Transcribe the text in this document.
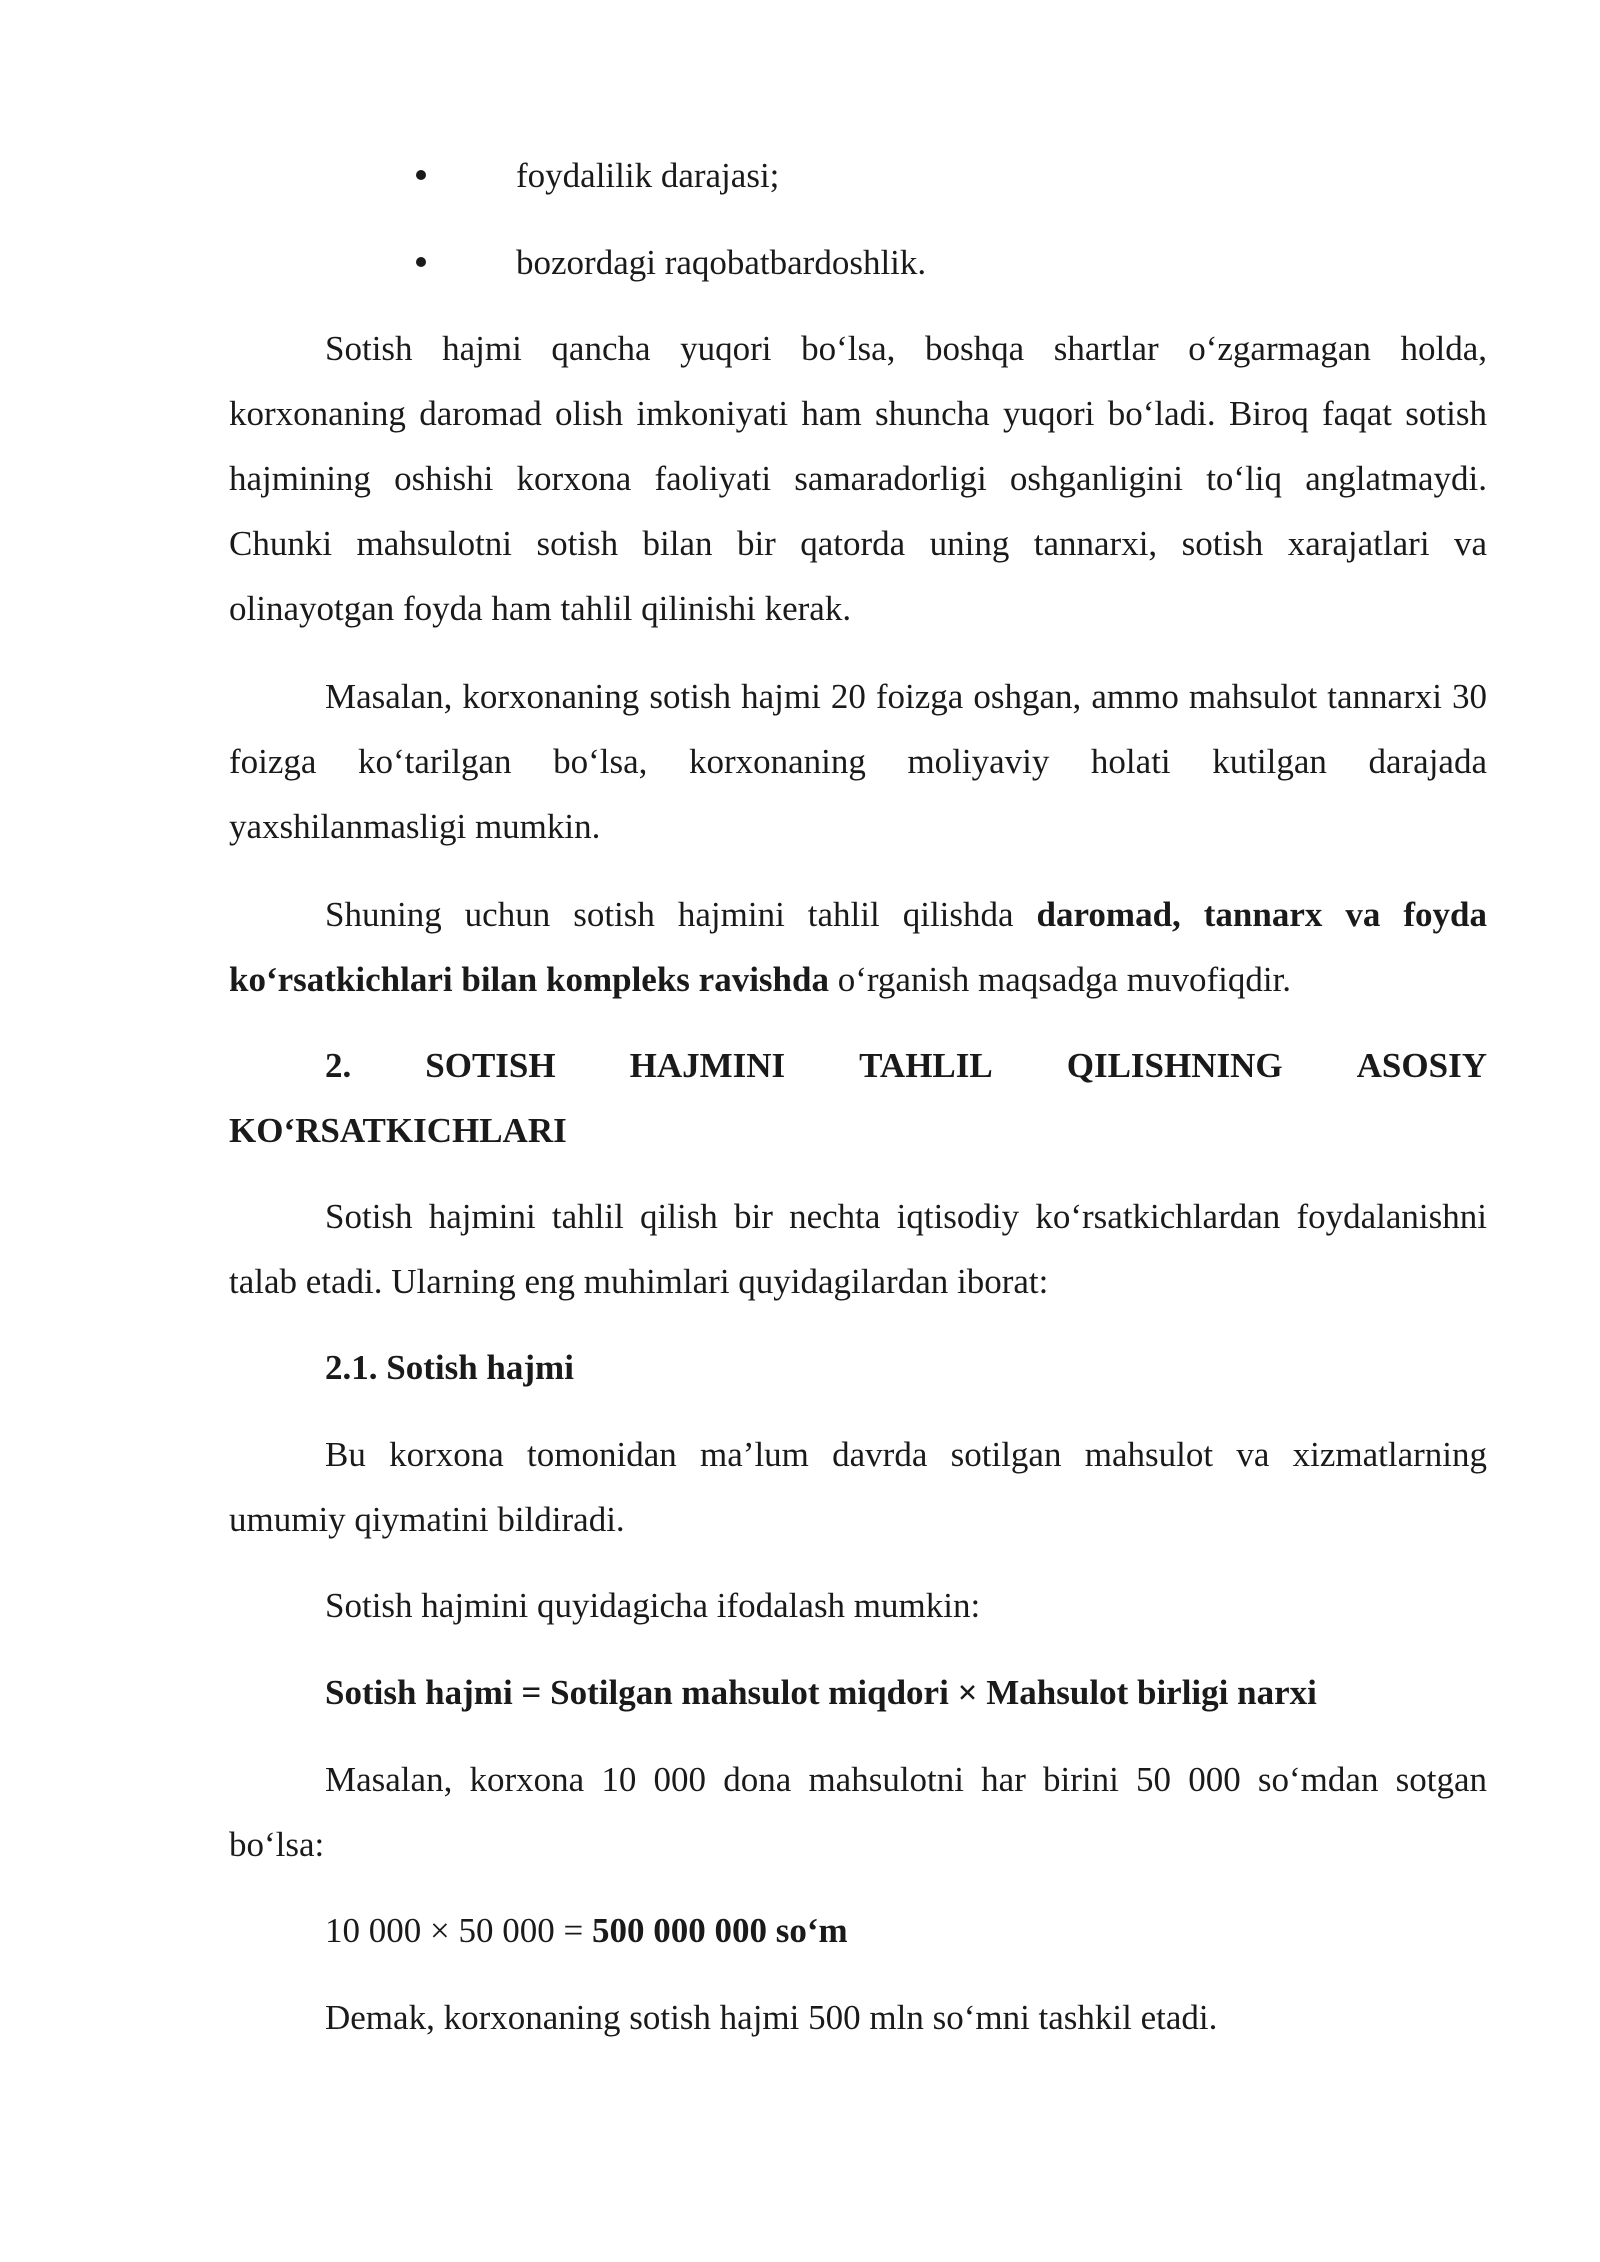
foydalilik darajasi;
bozordagi raqobatbardoshlik.

Sotish hajmi qancha yuqori bo‘lsa, boshqa shartlar o‘zgarmagan holda, korxonaning daromad olish imkoniyati ham shuncha yuqori bo‘ladi. Biroq faqat sotish hajmining oshishi korxona faoliyati samaradorligi oshganligini to‘liq anglatmaydi. Chunki mahsulotni sotish bilan bir qatorda uning tannarxi, sotish xarajatlari va olinayotgan foyda ham tahlil qilinishi kerak.

Masalan, korxonaning sotish hajmi 20 foizga oshgan, ammo mahsulot tannarxi 30 foizga ko‘tarilgan bo‘lsa, korxonaning moliyaviy holati kutilgan darajada yaxshilanmasligi mumkin.

Shuning uchun sotish hajmini tahlil qilishda daromad, tannarx va foyda ko‘rsatkichlari bilan kompleks ravishda o‘rganish maqsadga muvofiqdir.

2. SOTISH HAJMINI TAHLIL QILISHNING ASOSIY
KO‘RSATKICHLARI

Sotish hajmini tahlil qilish bir nechta iqtisodiy ko‘rsatkichlardan foydalanishni talab etadi. Ularning eng muhimlari quyidagilardan iborat:

2.1. Sotish hajmi

Bu korxona tomonidan ma’lum davrda sotilgan mahsulot va xizmatlarning umumiy qiymatini bildiradi.

Sotish hajmini quyidagicha ifodalash mumkin:

Sotish hajmi = Sotilgan mahsulot miqdori × Mahsulot birligi narxi

Masalan, korxona 10 000 dona mahsulotni har birini 50 000 so‘mdan sotgan bo‘lsa:

10 000 × 50 000 = 500 000 000 so‘m

Demak, korxonaning sotish hajmi 500 mln so‘mni tashkil etadi.
